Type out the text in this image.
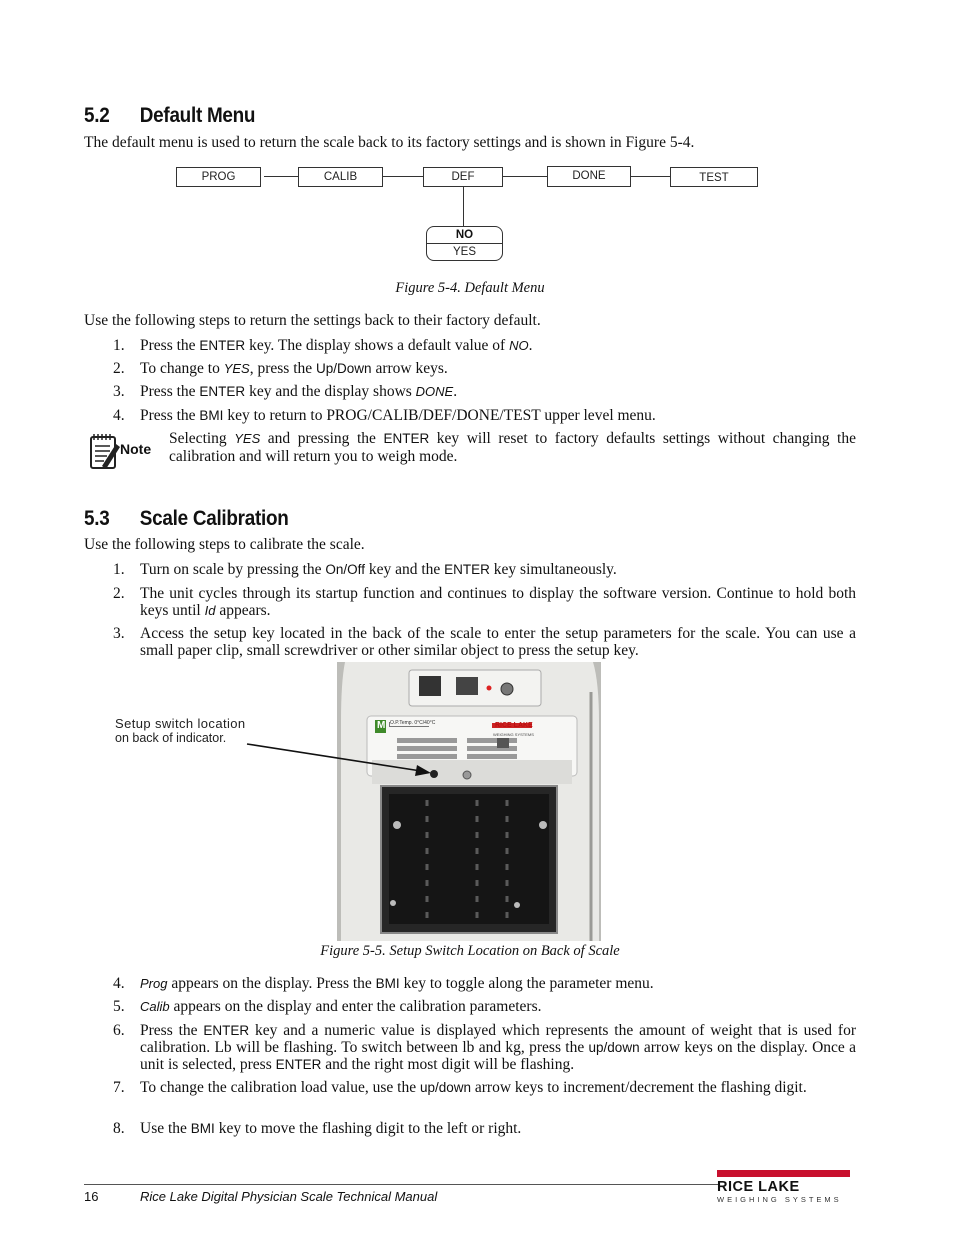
5.2 Default Menu
The default menu is used to return the scale back to its factory settings and is shown in Figure 5-4.
PROG	CALIB	DEF	DONE	TEST
NO
YES
Figure 5-4. Default Menu
Use the following steps to return the settings back to their factory default.
1. Press the ENTER key. The display shows a default value of NO.
2. To change to YES, press the Up/Down arrow keys.
3. Press the ENTER key and the display shows DONE.
4. Press the BMI key to return to PROG/CALIB/DEF/DONE/TEST upper level menu.
Note
Selecting YES and pressing the ENTER key will reset to factory defaults settings without changing the calibration and will return you to weigh mode.
5.3 Scale Calibration
Use the following steps to calibrate the scale.
1. Turn on scale by pressing the On/Off key and the ENTER key simultaneously.
2. The unit cycles through its startup function and continues to display the software version. Continue to hold both keys until Id appears.
3. Access the setup key located in the back of the scale to enter the setup parameters for the scale. You can use a small paper clip, small screwdriver or other similar object to press the setup key.
RICE LAKE
WEIGHING SYSTEMS
M O.P.Temp. 0°C/40°C
Setup switch location
on back of indicator.
Figure 5-5. Setup Switch Location on Back of Scale
4. Prog appears on the display. Press the BMI key to toggle along the parameter menu.
5. Calib appears on the display and enter the calibration parameters.
6. Press the ENTER key and a numeric value is displayed which represents the amount of weight that is used for calibration. Lb will be flashing. To switch between lb and kg, press the up/down arrow keys on the display. Once a unit is selected, press ENTER and the right most digit will be flashing.
7. To change the calibration load value, use the up/down arrow keys to increment/decrement the flashing digit.
8. Use the BMI key to move the flashing digit to the left or right.
16	Rice Lake Digital Physician Scale Technical Manual
RICE LAKE
WEIGHING SYSTEMS
